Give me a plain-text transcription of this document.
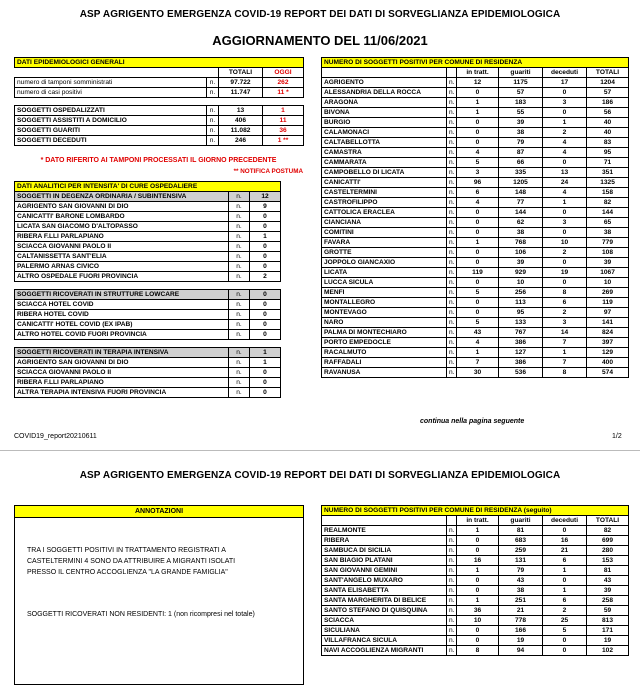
ASP AGRIGENTO EMERGENZA COVID-19 REPORT DEI DATI DI SORVEGLIANZA EPIDEMIOLOGICA
AGGIORNAMENTO DEL 11/06/2021
DATI EPIDEMIOLOGICI GENERALI			
		TOTALI	OGGI
numero di tamponi somministrati	n.	97.722	262
numero di casi positivi	n.	11.747	11 *

SOGGETTI OSPEDALIZZATI	n.	13	1
SOGGETTI ASSISTITI A DOMICILIO	n.	406	11
SOGGETTI GUARITI	n.	11.082	36
SOGGETTI DECEDUTI	n.	246	1 **
* DATO RIFERITO AI TAMPONI PROCESSATI IL GIORNO PRECEDENTE
** NOTIFICA POSTUMA
DATI ANALITICI PER INTENSITA' DI CURE OSPEDALIERE		
SOGGETTI IN DEGENZA ORDINARIA / SUBINTENSIVA	n.	12
AGRIGENTO SAN GIOVANNI DI DIO	n.	9
CANICATTI' BARONE LOMBARDO	n.	0
LICATA SAN GIACOMO D'ALTOPASSO	n.	0
RIBERA F.LLI PARLAPIANO	n.	1
SCIACCA GIOVANNI PAOLO II	n.	0
CALTANISSETTA SANT'ELIA	n.	0
PALERMO ARNAS CIVICO	n.	0
ALTRO OSPEDALE FUORI PROVINCIA	n.	2

SOGGETTI RICOVERATI IN STRUTTURE LOWCARE	n.	0
SCIACCA HOTEL COVID	n.	0
RIBERA HOTEL COVID	n.	0
CANICATTI' HOTEL COVID (EX IPAB)	n.	0
ALTRO HOTEL COVID FUORI PROVINCIA	n.	0

SOGGETTI RICOVERATI IN TERAPIA INTENSIVA	n.	1
AGRIGENTO SAN GIOVANNI DI DIO	n.	1
SCIACCA GIOVANNI PAOLO II	n.	0
RIBERA F.LLI PARLAPIANO	n.	0
ALTRA TERAPIA INTENSIVA FUORI PROVINCIA	n.	0
NUMERO DI SOGGETTI POSITIVI PER COMUNE DI RESIDENZA					
		in tratt.	guariti	deceduti	TOTALI
AGRIGENTO	n.	12	1175	17	1204
ALESSANDRIA DELLA ROCCA	n.	0	57	0	57
ARAGONA	n.	1	183	3	186
BIVONA	n.	1	55	0	56
BURGIO	n.	0	39	1	40
CALAMONACI	n.	0	38	2	40
CALTABELLOTTA	n.	0	79	4	83
CAMASTRA	n.	4	87	4	95
CAMMARATA	n.	5	66	0	71
CAMPOBELLO DI LICATA	n.	3	335	13	351
CANICATTI'	n.	96	1205	24	1325
CASTELTERMINI	n.	6	148	4	158
CASTROFILIPPO	n.	4	77	1	82
CATTOLICA ERACLEA	n.	0	144	0	144
CIANCIANA	n.	0	62	3	65
COMITINI	n.	0	38	0	38
FAVARA	n.	1	768	10	779
GROTTE	n.	0	106	2	108
JOPPOLO GIANCAXIO	n.	0	39	0	39
LICATA	n.	119	929	19	1067
LUCCA SICULA	n.	0	10	0	10
MENFI	n.	5	256	8	269
MONTALLEGRO	n.	0	113	6	119
MONTEVAGO	n.	0	95	2	97
NARO	n.	5	133	3	141
PALMA DI MONTECHIARO	n.	43	767	14	824
PORTO EMPEDOCLE	n.	4	386	7	397
RACALMUTO	n.	1	127	1	129
RAFFADALI	n.	7	386	7	400
RAVANUSA	n.	30	536	8	574
continua nella pagina seguente
COVID19_report20210611	1/2
ASP AGRIGENTO EMERGENZA COVID-19 REPORT DEI DATI DI SORVEGLIANZA EPIDEMIOLOGICA
ANNOTAZIONI
TRA I SOGGETTI POSITIVI IN TRATTAMENTO REGISTRATI A
CASTELTERMINI 4 SONO DA ATTRIBUIRE A MIGRANTI ISOLATI
PRESSO IL CENTRO ACCOGLIENZA "LA GRANDE FAMIGLIA"
SOGGETTI RICOVERATI NON RESIDENTI: 1 (non ricompresi nel totale)
NUMERO DI SOGGETTI POSITIVI PER COMUNE DI RESIDENZA (seguito)					
		in tratt.	guariti	deceduti	TOTALI
REALMONTE	n.	1	81	0	82
RIBERA	n.	0	683	16	699
SAMBUCA DI SICILIA	n.	0	259	21	280
SAN BIAGIO PLATANI	n.	16	131	6	153
SAN GIOVANNI GEMINI	n.	1	79	1	81
SANT'ANGELO MUXARO	n.	0	43	0	43
SANTA ELISABETTA	n.	0	38	1	39
SANTA MARGHERITA DI BELICE	n.	1	251	6	258
SANTO STEFANO DI QUISQUINA	n.	36	21	2	59
SCIACCA	n.	10	778	25	813
SICULIANA	n.	0	166	5	171
VILLAFRANCA SICULA	n.	0	19	0	19
NAVI ACCOGLIENZA MIGRANTI	n.	8	94	0	102
